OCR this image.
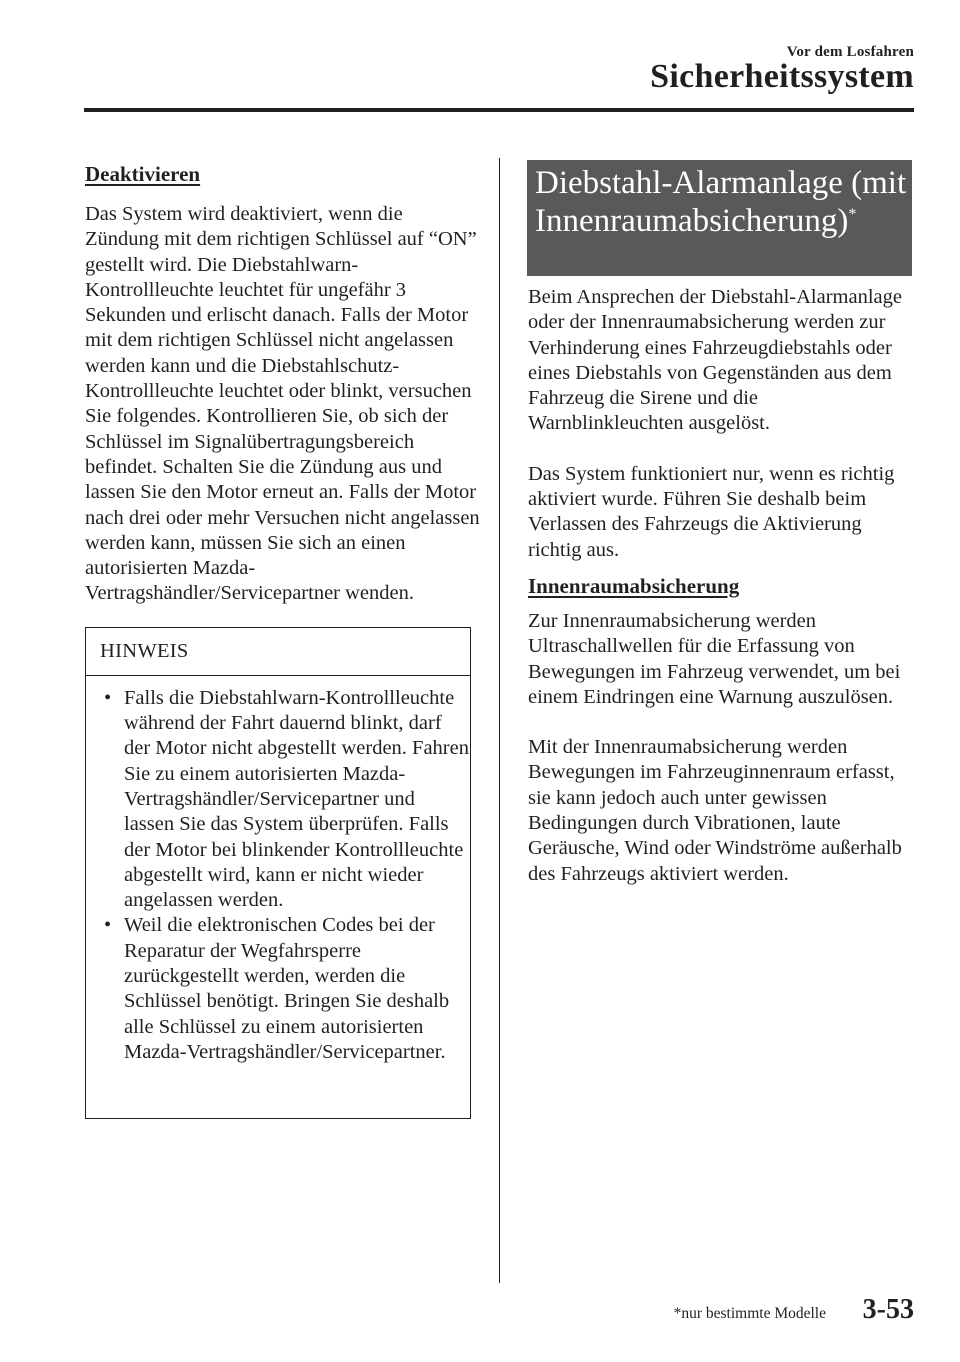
Vor dem Losfahren
Sicherheitssystem
Deaktivieren

Das System wird deaktiviert, wenn die Zündung mit dem richtigen Schlüssel auf “ON” gestellt wird. Die Diebstahlwarn-Kontrollleuchte leuchtet für ungefähr 3 Sekunden und erlischt danach. Falls der Motor mit dem richtigen Schlüssel nicht angelassen werden kann und die Diebstahlschutz-Kontrollleuchte leuchtet oder blinkt, versuchen Sie folgendes. Kontrollieren Sie, ob sich der Schlüssel im Signalübertragungsbereich befindet. Schalten Sie die Zündung aus und lassen Sie den Motor erneut an. Falls der Motor nach drei oder mehr Versuchen nicht angelassen werden kann, müssen Sie sich an einen autorisierten Mazda-Vertragshändler/Servicepartner wenden.

HINWEIS
• Falls die Diebstahlwarn-Kontrollleuchte während der Fahrt dauernd blinkt, darf der Motor nicht abgestellt werden. Fahren Sie zu einem autorisierten Mazda-Vertragshändler/Servicepartner und lassen Sie das System überprüfen. Falls der Motor bei blinkender Kontrollleuchte abgestellt wird, kann er nicht wieder angelassen werden.
• Weil die elektronischen Codes bei der Reparatur der Wegfahrsperre zurückgestellt werden, werden die Schlüssel benötigt. Bringen Sie deshalb alle Schlüssel zu einem autorisierten Mazda-Vertragshändler/Servicepartner.
Diebstahl-Alarmanlage (mit Innenraumabsicherung)*

Beim Ansprechen der Diebstahl-Alarmanlage oder der Innenraumabsicherung werden zur Verhinderung eines Fahrzeugdiebstahls oder eines Diebstahls von Gegenständen aus dem Fahrzeug die Sirene und die Warnblinkleuchten ausgelöst.

Das System funktioniert nur, wenn es richtig aktiviert wurde. Führen Sie deshalb beim Verlassen des Fahrzeugs die Aktivierung richtig aus.

Innenraumabsicherung

Zur Innenraumabsicherung werden Ultraschallwellen für die Erfassung von Bewegungen im Fahrzeug verwendet, um bei einem Eindringen eine Warnung auszulösen.

Mit der Innenraumabsicherung werden Bewegungen im Fahrzeuginnenraum erfasst, sie kann jedoch auch unter gewissen Bedingungen durch Vibrationen, laute Geräusche, Wind oder Windströme außerhalb des Fahrzeugs aktiviert werden.

*nur bestimmte Modelle 3-53
